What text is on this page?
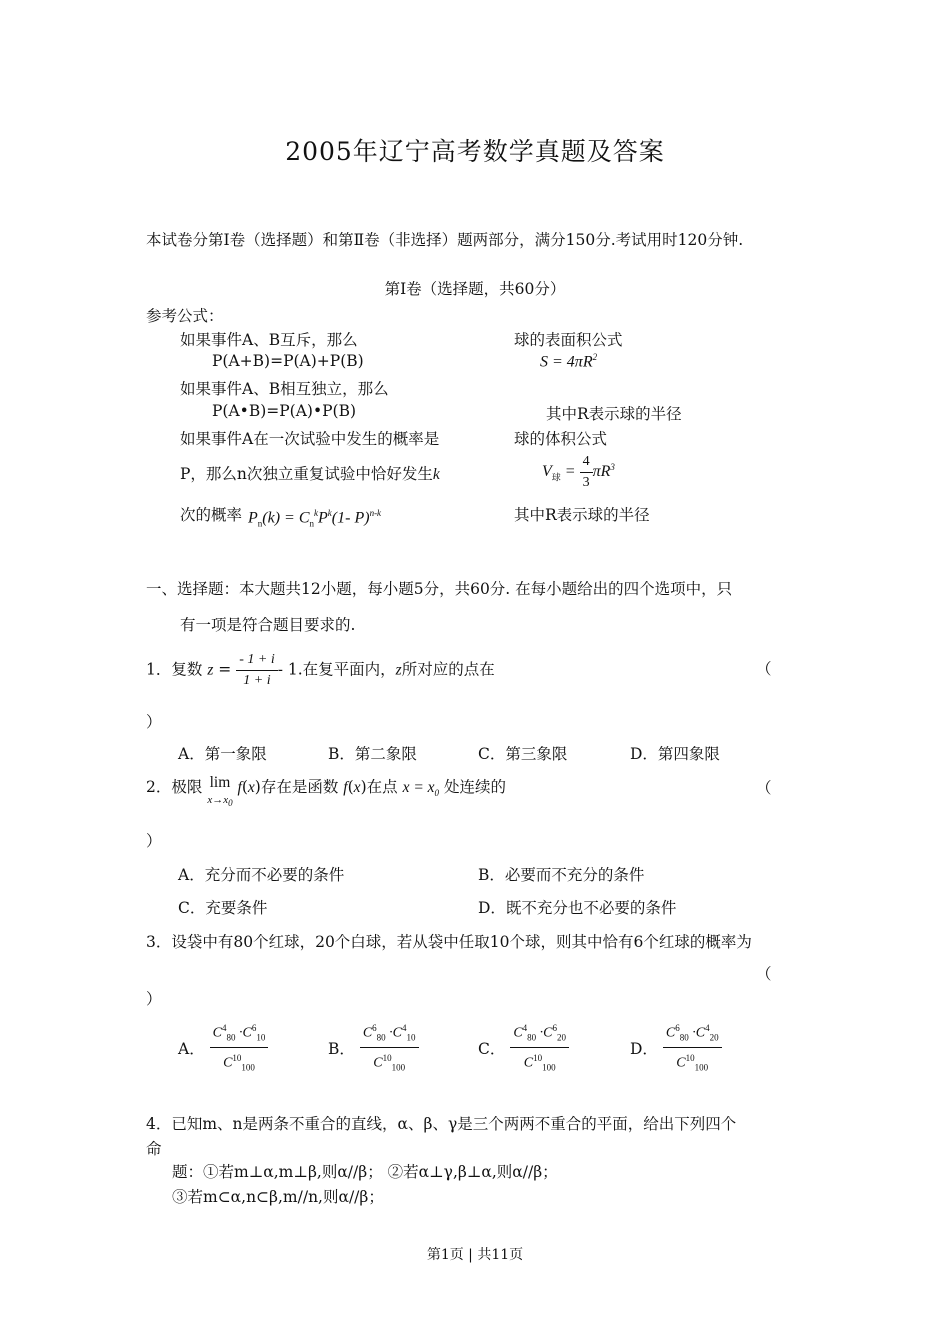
2005年辽宁高考数学真题及答案
本试卷分第Ⅰ卷（选择题）和第Ⅱ卷（非选择）题两部分，满分150分.考试用时120分钟.
第Ⅰ卷（选择题，共60分）
参考公式：
如果事件A、B互斥，那么
P(A+B)=P(A)+P(B)
如果事件A、B相互独立，那么
P(A•B)=P(A)•P(B)
如果事件A在一次试验中发生的概率是
P，那么n次独立重复试验中恰好发生k
次的概率 $P_n(k) = C_n^kP^k(1-$ P)$^{n-k}$
球的表面积公式
$S = 4\pi R^2$
其中R表示球的半径
球的体积公式
$V_球 = \frac{4}{3} \pi R^3$
其中R表示球的半径
一、选择题：本大题共12小题，每小题5分，共60分. 在每小题给出的四个选项中，只
有一项是符合题目要求的.
1．复数 $z = \frac{- 1 + i}{1 + i} - 1$.在复平面内，z所对应的点在	（
）
A．第一象限	B．第二象限	C．第三象限	D．第四象限
2．极限 lim
$x\to x_0$ f(x)存在是函数 f(x)在点 $x = x_0$ 处连续的	（
）
A．充分而不必要的条件	B．必要而不充分的条件
C．充要条件	D．既不充分也不必要的条件
3．设袋中有80个红球，20个白球，若从袋中任取10个球，则其中恰有6个红球的概率为
（
）
A． $\frac{C^4_{80} \cdot C^6_{10}}{C^{10}_{100}}$	B． $\frac{C^6_{80} \cdot C^4_{10}}{C^{10}_{100}}$	C． $\frac{C^4_{80} \cdot C^6_{20}}{C^{10}_{100}}$	D． $\frac{C^6_{80} \cdot C^4_{20}}{C^{10}_{100}}$
4．已知m、n是两条不重合的直线，α、β、γ是三个两两不重合的平面，给出下列四个
命
题：①若m⊥α,m⊥β,则α//β； ②若α⊥γ,β⊥α,则α//β；
③若m⊂α,n⊂β,m//n,则α//β；
第1页 | 共11页
